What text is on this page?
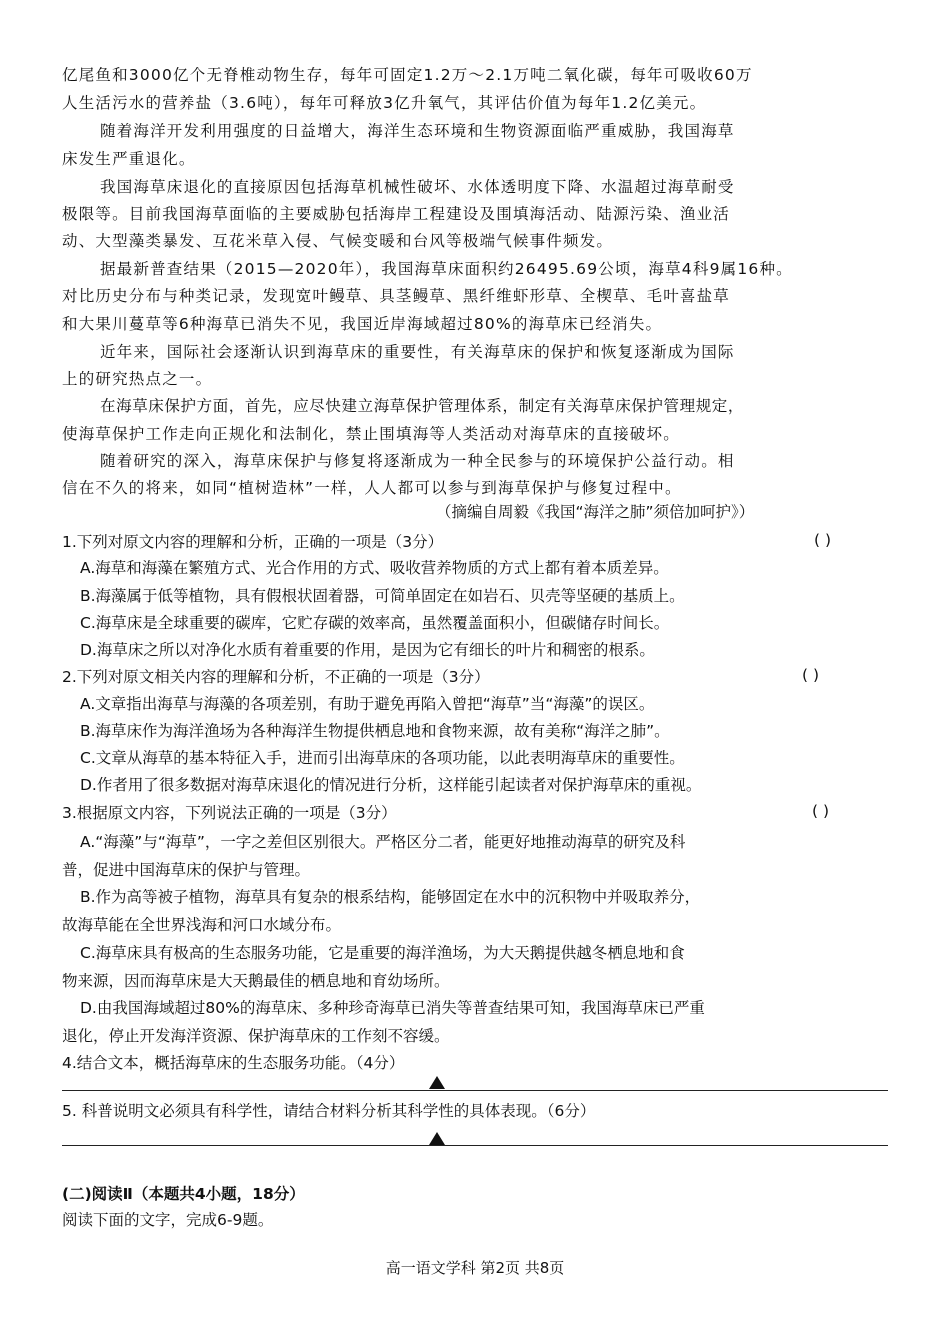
亿尾鱼和3000亿个无脊椎动物生存，每年可固定1.2万～2.1万吨二氧化碳，每年可吸收60万
人生活污水的营养盐（3.6吨），每年可释放3亿升氧气，其评估价值为每年1.2亿美元。
随着海洋开发利用强度的日益增大，海洋生态环境和生物资源面临严重威胁，我国海草
床发生严重退化。
我国海草床退化的直接原因包括海草机械性破坏、水体透明度下降、水温超过海草耐受
极限等。目前我国海草面临的主要威胁包括海岸工程建设及围填海活动、陆源污染、渔业活
动、大型藻类暴发、互花米草入侵、气候变暖和台风等极端气候事件频发。
据最新普查结果（2015—2020年），我国海草床面积约26495.69公顷，海草4科9属16种。
对比历史分布与种类记录，发现宽叶鳗草、具茎鳗草、黑纤维虾形草、全楔草、毛叶喜盐草
和大果川蔓草等6种海草已消失不见，我国近岸海域超过80%的海草床已经消失。
近年来，国际社会逐渐认识到海草床的重要性，有关海草床的保护和恢复逐渐成为国际
上的研究热点之一。
在海草床保护方面，首先，应尽快建立海草保护管理体系，制定有关海草床保护管理规定，
使海草保护工作走向正规化和法制化，禁止围填海等人类活动对海草床的直接破坏。
随着研究的深入，海草床保护与修复将逐渐成为一种全民参与的环境保护公益行动。相
信在不久的将来，如同“植树造林”一样，人人都可以参与到海草保护与修复过程中。
（摘编自周毅《我国“海洋之肺”须倍加呵护》）
1.下列对原文内容的理解和分析，正确的一项是（3分）	( )
A.海草和海藻在繁殖方式、光合作用的方式、吸收营养物质的方式上都有着本质差异。
B.海藻属于低等植物，具有假根状固着器，可简单固定在如岩石、贝壳等坚硬的基质上。
C.海草床是全球重要的碳库，它贮存碳的效率高，虽然覆盖面积小，但碳储存时间长。
D.海草床之所以对净化水质有着重要的作用，是因为它有细长的叶片和稠密的根系。
2.下列对原文相关内容的理解和分析，不正确的一项是（3分）	( )
A.文章指出海草与海藻的各项差别，有助于避免再陷入曾把“海草”当“海藻”的误区。
B.海草床作为海洋渔场为各种海洋生物提供栖息地和食物来源，故有美称“海洋之肺”。
C.文章从海草的基本特征入手，进而引出海草床的各项功能，以此表明海草床的重要性。
D.作者用了很多数据对海草床退化的情况进行分析，这样能引起读者对保护海草床的重视。
3.根据原文内容，下列说法正确的一项是（3分）	( )
A.“海藻”与“海草”，一字之差但区别很大。严格区分二者，能更好地推动海草的研究及科
普，促进中国海草床的保护与管理。
B.作为高等被子植物，海草具有复杂的根系结构，能够固定在水中的沉积物中并吸取养分，
故海草能在全世界浅海和河口水域分布。
C.海草床具有极高的生态服务功能，它是重要的海洋渔场，为大天鹅提供越冬栖息地和食
物来源，因而海草床是大天鹅最佳的栖息地和育幼场所。
D.由我国海域超过80%的海草床、多种珍奇海草已消失等普查结果可知，我国海草床已严重
退化，停止开发海洋资源、保护海草床的工作刻不容缓。
4.结合文本，概括海草床的生态服务功能。（4分）
5. 科普说明文必须具有科学性，请结合材料分析其科学性的具体表现。（6分）
(二)阅读Ⅱ（本题共4小题，18分）
阅读下面的文字，完成6-9题。
高一语文学科 第2页 共8页
